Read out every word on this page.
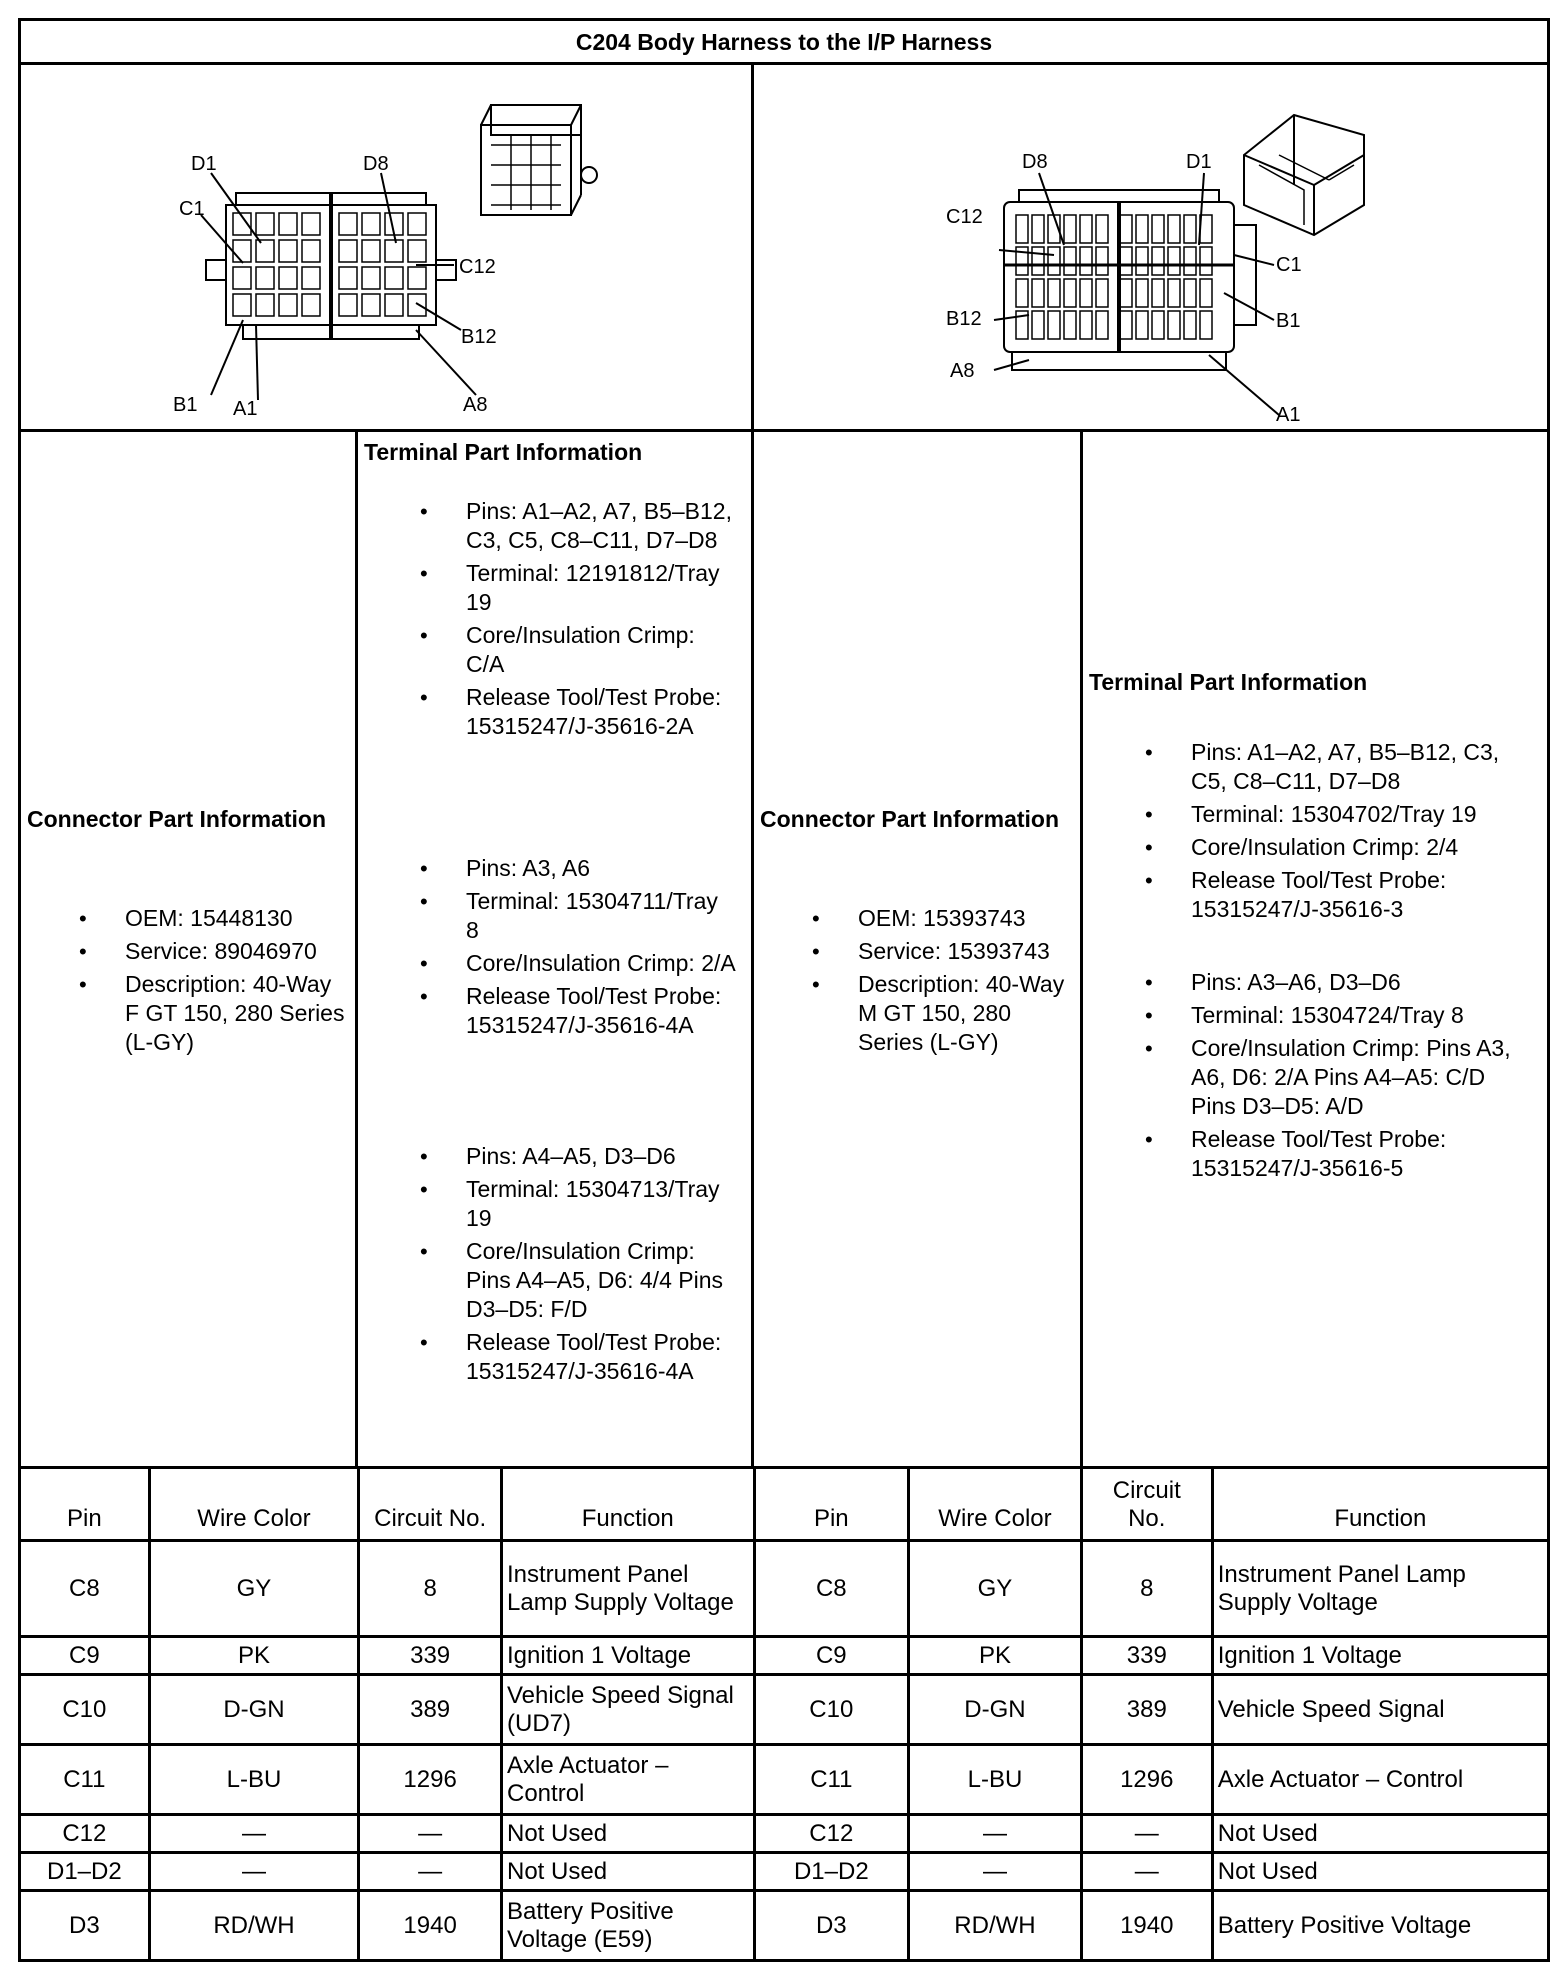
C204 Body Harness to the I/P Harness
D1	D8
C1
C12
B12
B1 A1	A8
D8	D1
C12
B12
A8
C1
B1
A1
Connector Part Information
• OEM: 15448130
• Service: 89046970
• Description: 40-Way F GT 150, 280 Series (L-GY)
Terminal Part Information
• Pins: A1–A2, A7, B5–B12, C3, C5, C8–C11, D7–D8
• Terminal: 12191812/Tray 19
• Core/Insulation Crimp: C/A
• Release Tool/Test Probe: 15315247/J-35616-2A
• Pins: A3, A6
• Terminal: 15304711/Tray 8
• Core/Insulation Crimp: 2/A
• Release Tool/Test Probe: 15315247/J-35616-4A
• Pins: A4–A5, D3–D6
• Terminal: 15304713/Tray 19
• Core/Insulation Crimp: Pins A4–A5, D6: 4/4 Pins D3–D5: F/D
• Release Tool/Test Probe: 15315247/J-35616-4A
Connector Part Information
• OEM: 15393743
• Service: 15393743
• Description: 40-Way M GT 150, 280 Series (L-GY)
Terminal Part Information
• Pins: A1–A2, A7, B5–B12, C3, C5, C8–C11, D7–D8
• Terminal: 15304702/Tray 19
• Core/Insulation Crimp: 2/4
• Release Tool/Test Probe: 15315247/J-35616-3
• Pins: A3–A6, D3–D6
• Terminal: 15304724/Tray 8
• Core/Insulation Crimp: Pins A3, A6, D6: 2/A Pins A4–A5: C/D Pins D3–D5: A/D
• Release Tool/Test Probe: 15315247/J-35616-5
Pin	Wire Color	Circuit No.	Function	Pin	Wire Color	Circuit No.	Function
C8	GY	8	Instrument Panel Lamp Supply Voltage	C8	GY	8	Instrument Panel Lamp Supply Voltage
C9	PK	339	Ignition 1 Voltage	C9	PK	339	Ignition 1 Voltage
C10	D-GN	389	Vehicle Speed Signal (UD7)	C10	D-GN	389	Vehicle Speed Signal
C11	L-BU	1296	Axle Actuator – Control	C11	L-BU	1296	Axle Actuator – Control
C12	—	—	Not Used	C12	—	—	Not Used
D1–D2	—	—	Not Used	D1–D2	—	—	Not Used
D3	RD/WH	1940	Battery Positive Voltage (E59)	D3	RD/WH	1940	Battery Positive Voltage
